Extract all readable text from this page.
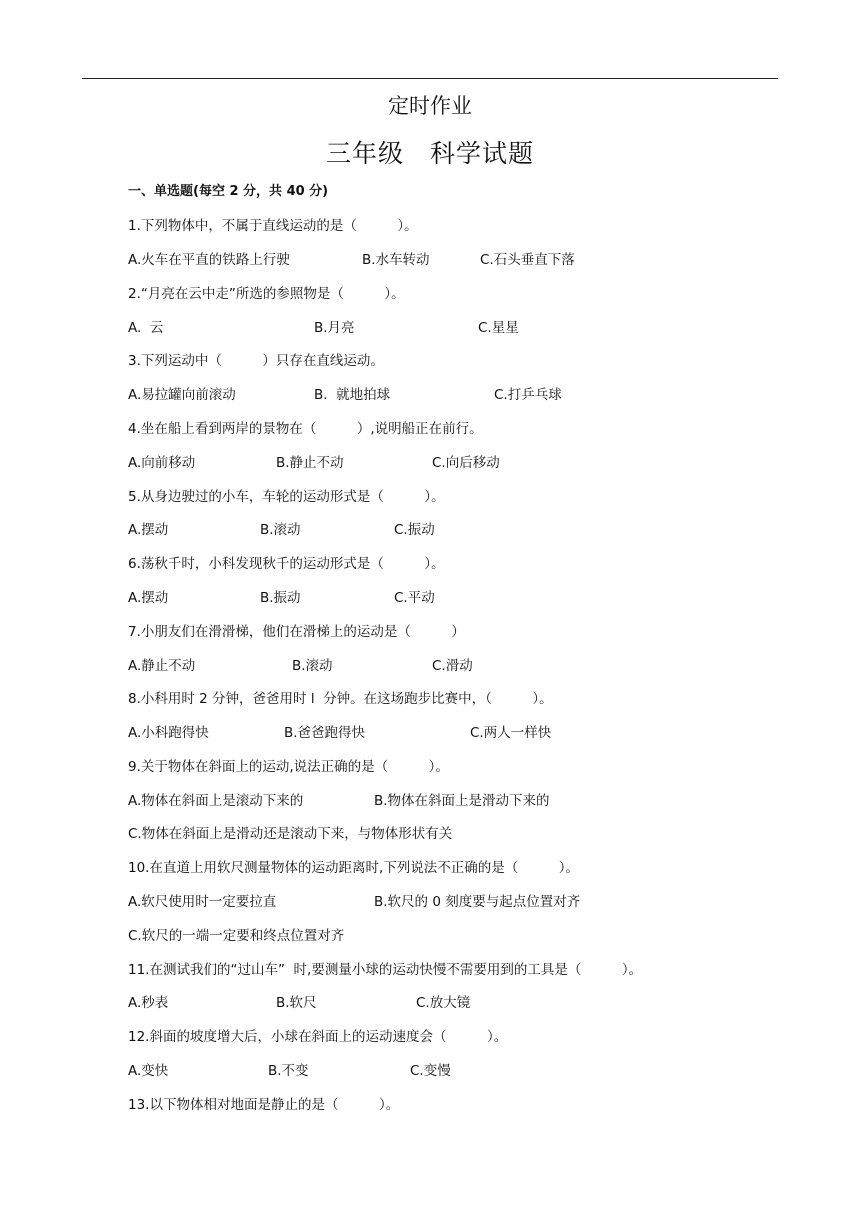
定时作业
三年级　科学试题
一、单选题(每空 2 分，共 40 分)
1.下列物体中，不属于直线运动的是（　　　）。
A.火车在平直的铁路上行驶	B.水车转动	C.石头垂直下落
2.“月亮在云中走”所选的参照物是（　　　）。
A.  云	B.月亮	C.星星
3.下列运动中（　　　）只存在直线运动。
A.易拉罐向前滚动	B.  就地拍球	C.打乒乓球
4.坐在船上看到两岸的景物在（　　　）,说明船正在前行。
A.向前移动	B.静止不动	C.向后移动
5.从身边驶过的小车，车轮的运动形式是（　　　）。
A.摆动	B.滚动	C.振动
6.荡秋千时，小科发现秋千的运动形式是（　　　）。
A.摆动	B.振动	C.平动
7.小朋友们在滑滑梯，他们在滑梯上的运动是（　　　）
A.静止不动	B.滚动	C.滑动
8.小科用时 2 分钟，爸爸用时 l  分钟。在这场跑步比赛中，（　　　）。
A.小科跑得快	B.爸爸跑得快	C.两人一样快
9.关于物体在斜面上的运动,说法正确的是（　　　）。
A.物体在斜面上是滚动下来的	B.物体在斜面上是滑动下来的
C.物体在斜面上是滑动还是滚动下来，与物体形状有关
10.在直道上用软尺测量物体的运动距离时,下列说法不正确的是（　　　）。
A.软尺使用时一定要拉直	B.软尺的 0 刻度要与起点位置对齐
C.软尺的一端一定要和终点位置对齐
11.在测试我们的“过山车”  时,要测量小球的运动快慢不需要用到的工具是（　　　）。
A.秒表	B.软尺	C.放大镜
12.斜面的坡度增大后，小球在斜面上的运动速度会（　　　）。
A.变快	B.不变	C.变慢
13.以下物体相对地面是静止的是（　　　）。
